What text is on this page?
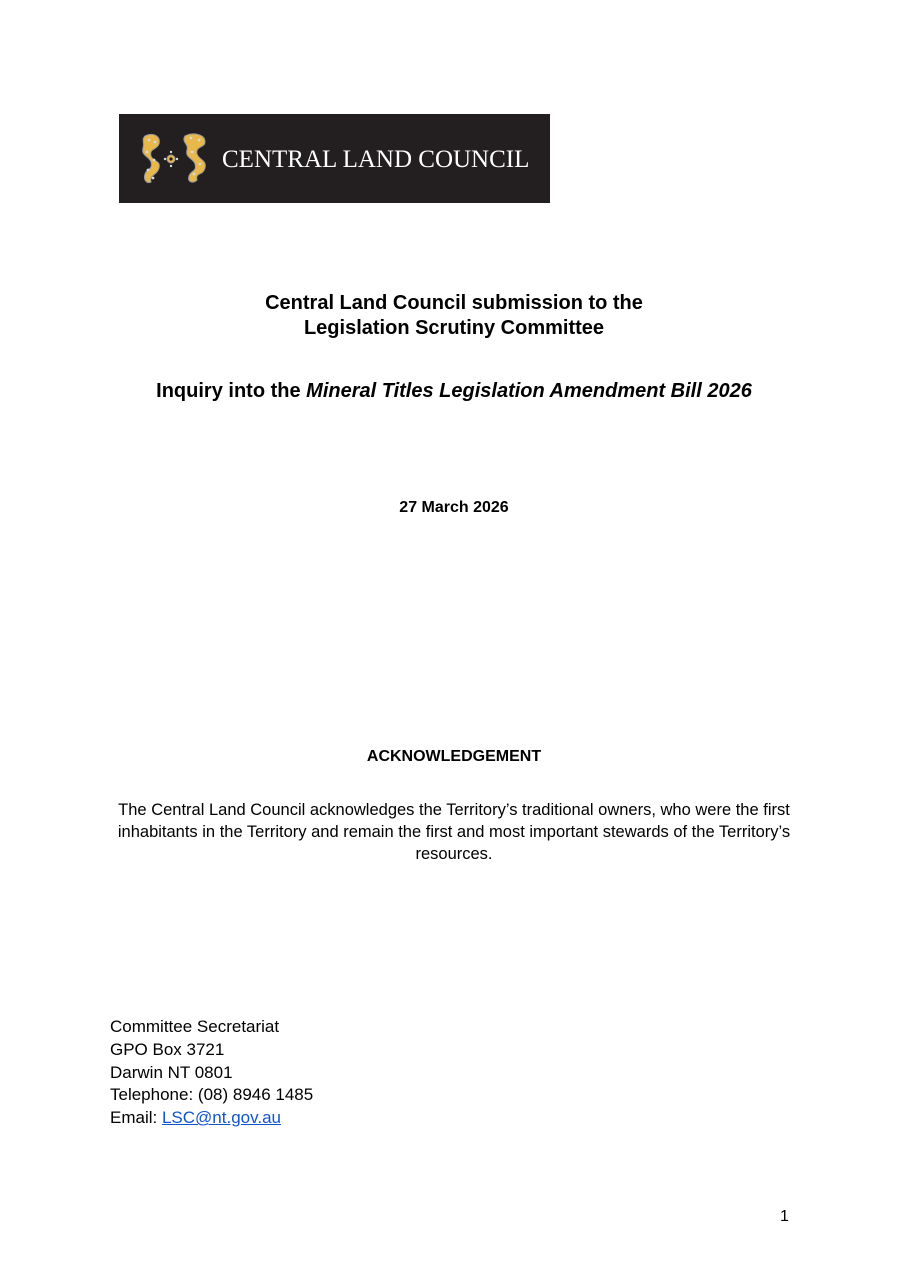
CENTRAL LAND COUNCIL
Central Land Council submission to the
Legislation Scrutiny Committee
Inquiry into the Mineral Titles Legislation Amendment Bill 2026
27 March 2026
ACKNOWLEDGEMENT
The Central Land Council acknowledges the Territory’s traditional owners, who were the first inhabitants in the Territory and remain the first and most important stewards of the Territory’s resources.
Committee Secretariat
GPO Box 3721
Darwin NT 0801
Telephone: (08) 8946 1485
Email: LSC@nt.gov.au
1
